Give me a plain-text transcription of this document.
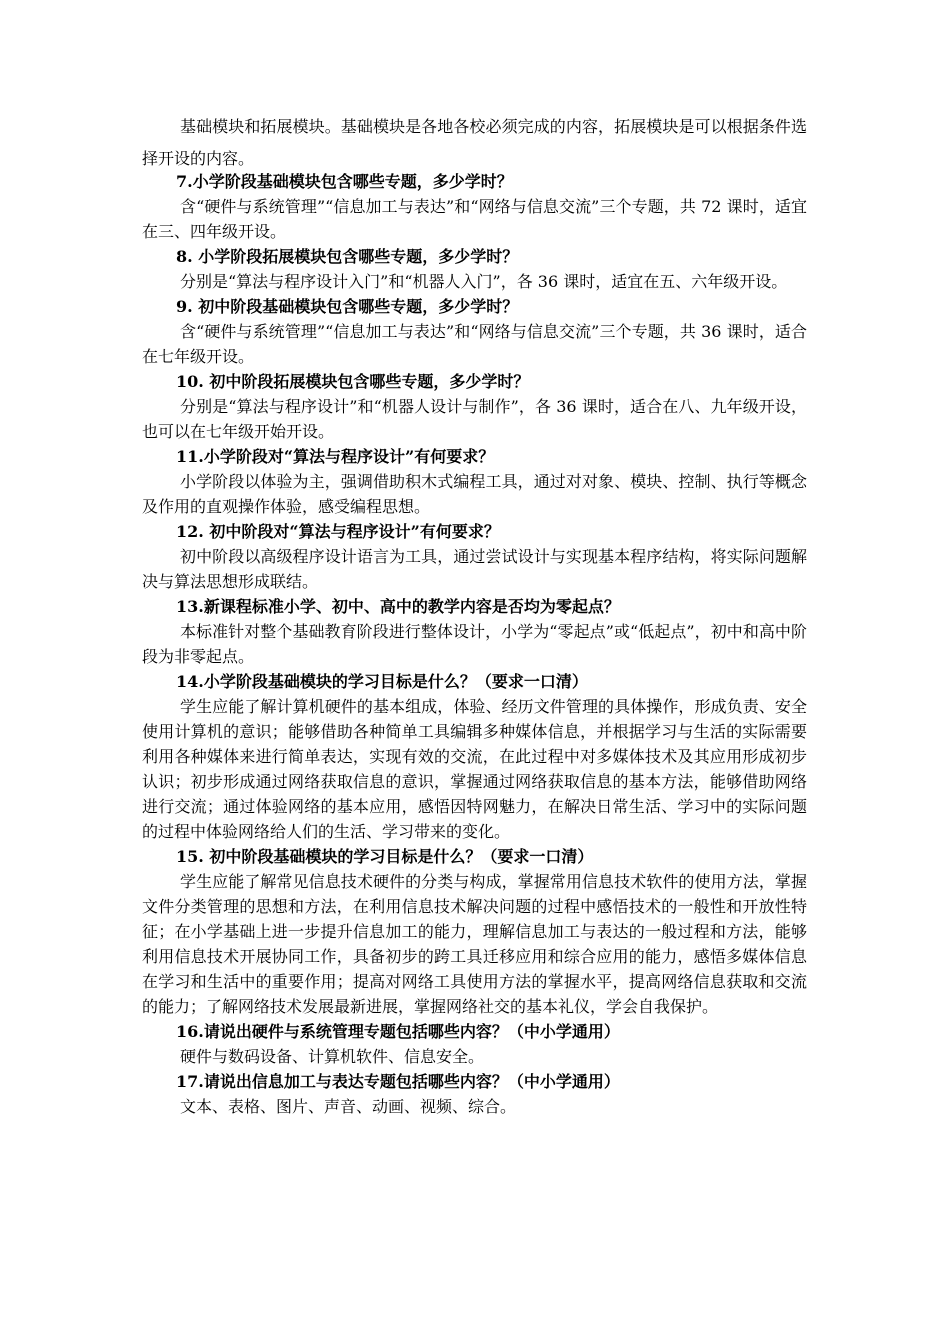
基础模块和拓展模块。基础模块是各地各校必须完成的内容，拓展模块是可以根据条件选择开设的内容。

7.小学阶段基础模块包含哪些专题，多少学时？

含“硬件与系统管理”“信息加工与表达”和“网络与信息交流”三个专题，共 72 课时，适宜在三、四年级开设。

8. 小学阶段拓展模块包含哪些专题，多少学时？

分别是“算法与程序设计入门”和“机器人入门”，各 36 课时，适宜在五、六年级开设。

9. 初中阶段基础模块包含哪些专题，多少学时？

含“硬件与系统管理”“信息加工与表达”和“网络与信息交流”三个专题，共 36 课时，适合在七年级开设。

10. 初中阶段拓展模块包含哪些专题，多少学时？

分别是“算法与程序设计”和“机器人设计与制作”，各 36 课时，适合在八、九年级开设，也可以在七年级开始开设。

11.小学阶段对“算法与程序设计”有何要求？

小学阶段以体验为主，强调借助积木式编程工具，通过对对象、模块、控制、执行等概念及作用的直观操作体验，感受编程思想。

12. 初中阶段对“算法与程序设计”有何要求？

初中阶段以高级程序设计语言为工具，通过尝试设计与实现基本程序结构，将实际问题解决与算法思想形成联结。

13.新课程标准小学、初中、高中的教学内容是否均为零起点？

本标准针对整个基础教育阶段进行整体设计，小学为“零起点”或“低起点”，初中和高中阶段为非零起点。

14.小学阶段基础模块的学习目标是什么？（要求一口清）

学生应能了解计算机硬件的基本组成，体验、经历文件管理的具体操作，形成负责、安全使用计算机的意识；能够借助各种简单工具编辑多种媒体信息，并根据学习与生活的实际需要利用各种媒体来进行简单表达，实现有效的交流，在此过程中对多媒体技术及其应用形成初步认识；初步形成通过网络获取信息的意识，掌握通过网络获取信息的基本方法，能够借助网络进行交流；通过体验网络的基本应用，感悟因特网魅力，在解决日常生活、学习中的实际问题的过程中体验网络给人们的生活、学习带来的变化。

15. 初中阶段基础模块的学习目标是什么？（要求一口清）

学生应能了解常见信息技术硬件的分类与构成，掌握常用信息技术软件的使用方法，掌握文件分类管理的思想和方法，在利用信息技术解决问题的过程中感悟技术的一般性和开放性特征；在小学基础上进一步提升信息加工的能力，理解信息加工与表达的一般过程和方法，能够利用信息技术开展协同工作，具备初步的跨工具迁移应用和综合应用的能力，感悟多媒体信息在学习和生活中的重要作用；提高对网络工具使用方法的掌握水平，提高网络信息获取和交流的能力；了解网络技术发展最新进展，掌握网络社交的基本礼仪，学会自我保护。

16.请说出硬件与系统管理专题包括哪些内容？（中小学通用）

硬件与数码设备、计算机软件、信息安全。

17.请说出信息加工与表达专题包括哪些内容？（中小学通用）

文本、表格、图片、声音、动画、视频、综合。
